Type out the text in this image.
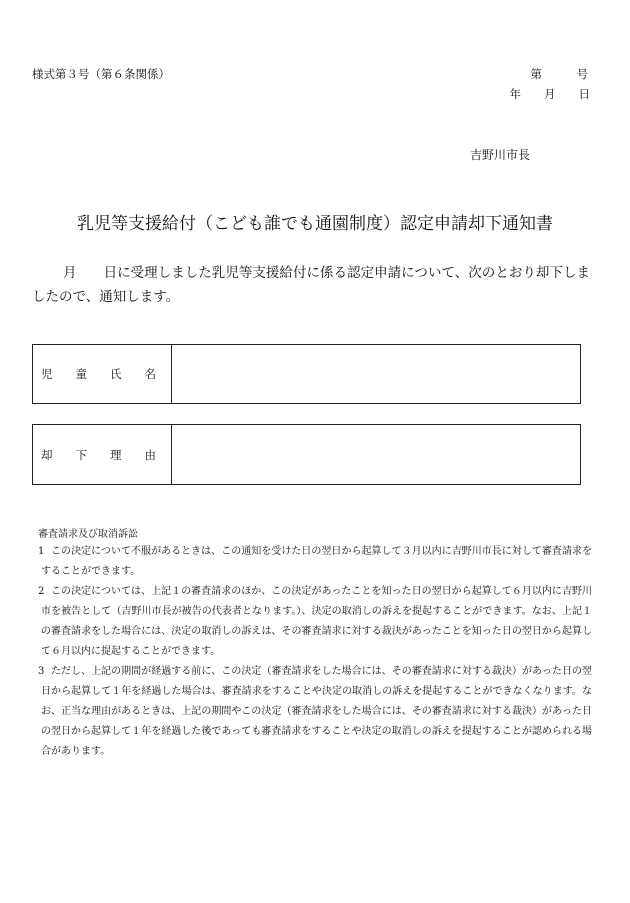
様式第３号（第６条関係）	第　　　号
年　　月　　日
吉野川市長
乳児等支援給付（こども誰でも通園制度）認定申請却下通知書
月　　日に受理しました乳児等支援給付に係る認定申請について、次のとおり却下しましたので、通知します。
児　　童　　氏　　名
却　　下　　理　　由
審査請求及び取消訴訟
1 この決定について不服があるときは、この通知を受けた日の翌日から起算して３月以内に吉野川市長に対して審査請求をすることができます。
2 この決定については、上記１の審査請求のほか、この決定があったことを知った日の翌日から起算して６月以内に吉野川市を被告として（吉野川市長が被告の代表者となります。）、決定の取消しの訴えを提起することができます。なお、上記１の審査請求をした場合には、決定の取消しの訴えは、その審査請求に対する裁決があったことを知った日の翌日から起算して６月以内に提起することができます。
3 ただし、上記の期間が経過する前に、この決定（審査請求をした場合には、その審査請求に対する裁決）があった日の翌日から起算して１年を経過した場合は、審査請求をすることや決定の取消しの訴えを提起することができなくなります。なお、正当な理由があるときは、上記の期間やこの決定（審査請求をした場合には、その審査請求に対する裁決）があった日の翌日から起算して１年を経過した後であっても審査請求をすることや決定の取消しの訴えを提起することが認められる場合があります。
